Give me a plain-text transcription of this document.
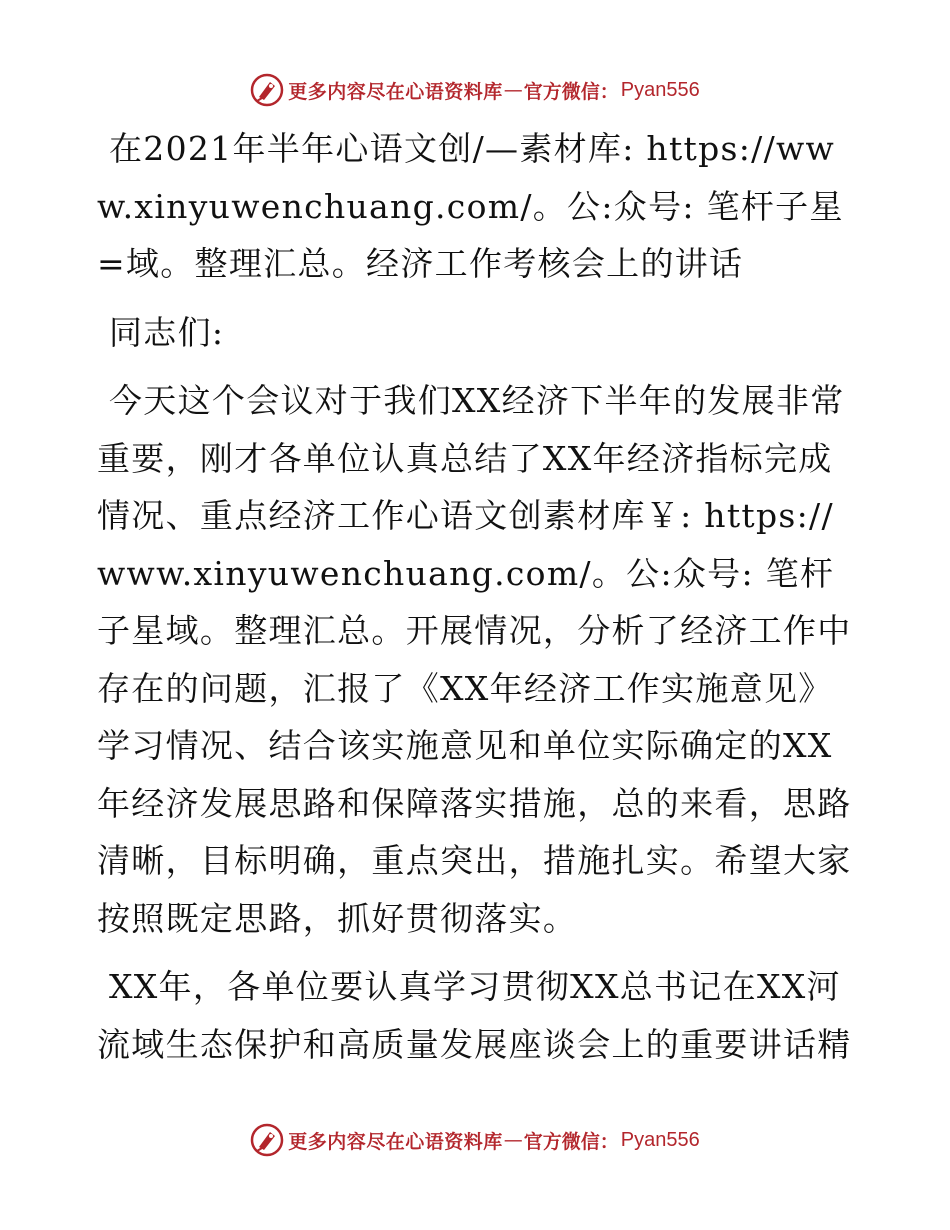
更多内容尽在心语资料库 — 官方微信： Pyan556

在2021年半年心语文创/—素材库: https://www.xinyuwenchuang.com/。公:众号: 笔杆子星=域。整理汇总。经济工作考核会上的讲话

同志们:

今天这个会议对于我们XX经济下半年的发展非常重要，刚才各单位认真总结了XX年经济指标完成情况、重点经济工作心语文创素材库￥: https://www.xinyuwenchuang.com/。公:众号: 笔杆子星域。整理汇总。开展情况，分析了经济工作中存在的问题，汇报了《XX年经济工作实施意见》学习情况、结合该实施意见和单位实际确定的XX年经济发展思路和保障落实措施，总的来看，思路清晰，目标明确，重点突出，措施扎实。希望大家按照既定思路，抓好贯彻落实。

XX年，各单位要认真学习贯彻XX总书记在XX河流域生态保护和高质量发展座谈会上的重要讲话精

更多内容尽在心语资料库 — 官方微信： Pyan556
